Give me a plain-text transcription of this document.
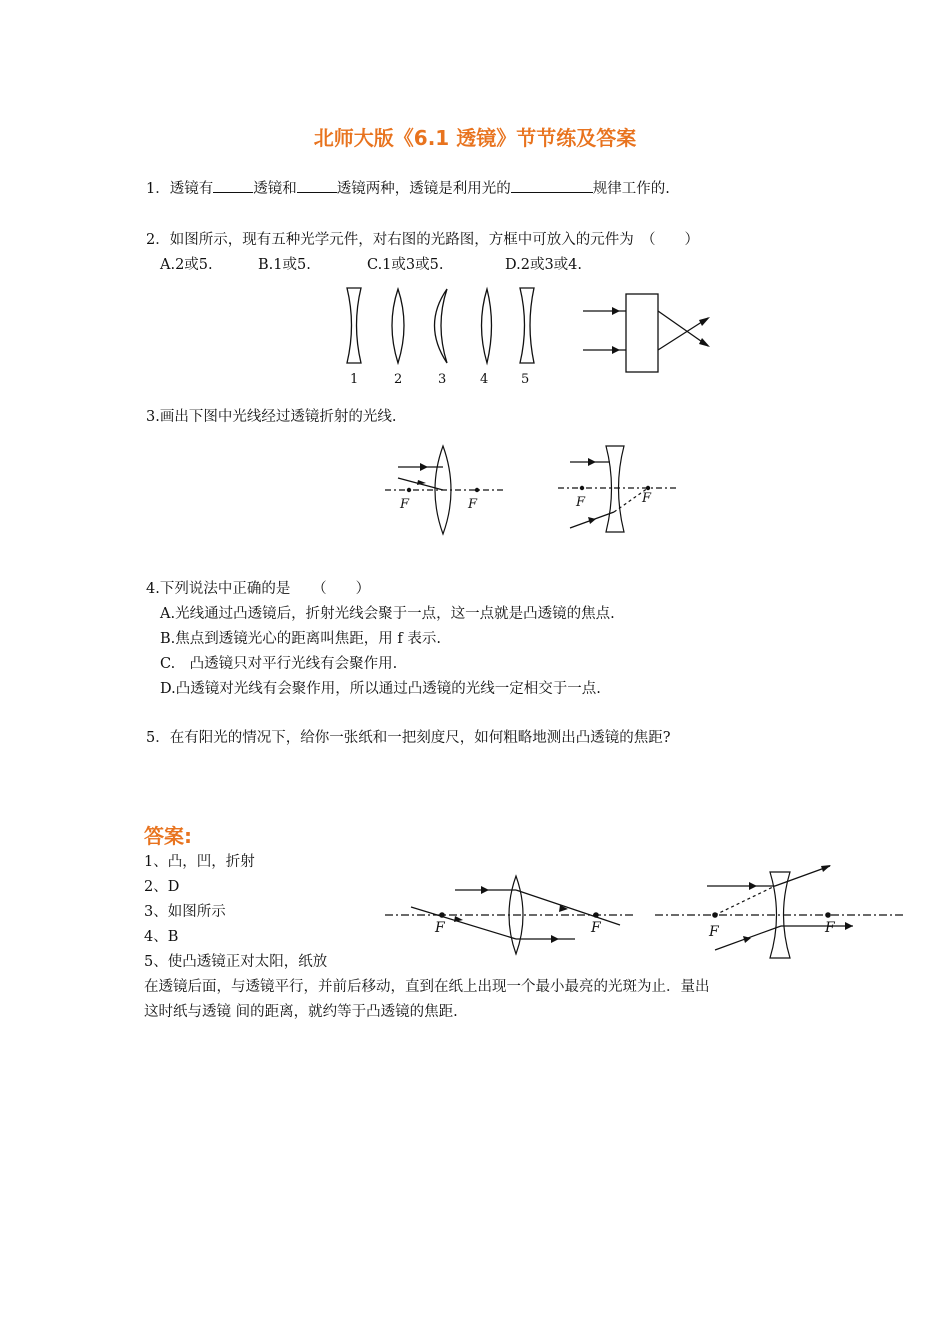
北师大版《6.1 透镜》节节练及答案
1．透镜有	透镜和	透镜两种，透镜是利用光的	规律工作的.
2．如图所示，现有五种光学元件，对右图的光路图，方框中可放入的元件为　（　　）
A.2或5.	B.1或5.	C.1或3或5.	D.2或3或4.
1	2	3	4	5
3.画出下图中光线经过透镜折射的光线.
F	F	F	F
4.下列说法中正确的是　　（　　）
A.光线通过凸透镜后，折射光线会聚于一点，这一点就是凸透镜的焦点.
B.焦点到透镜光心的距离叫焦距，用 f 表示.
C.　凸透镜只对平行光线有会聚作用.
D.凸透镜对光线有会聚作用，所以通过凸透镜的光线一定相交于一点.
5．在有阳光的情况下，给你一张纸和一把刻度尺，如何粗略地测出凸透镜的焦距?
答案:
1、凸，凹，折射
2、D
3、如图所示
4、B
5、使凸透镜正对太阳，纸放
在透镜后面，与透镜平行，并前后移动，直到在纸上出现一个最小最亮的光斑为止．量出
这时纸与透镜 间的距离，就约等于凸透镜的焦距.
F	F	F	F
